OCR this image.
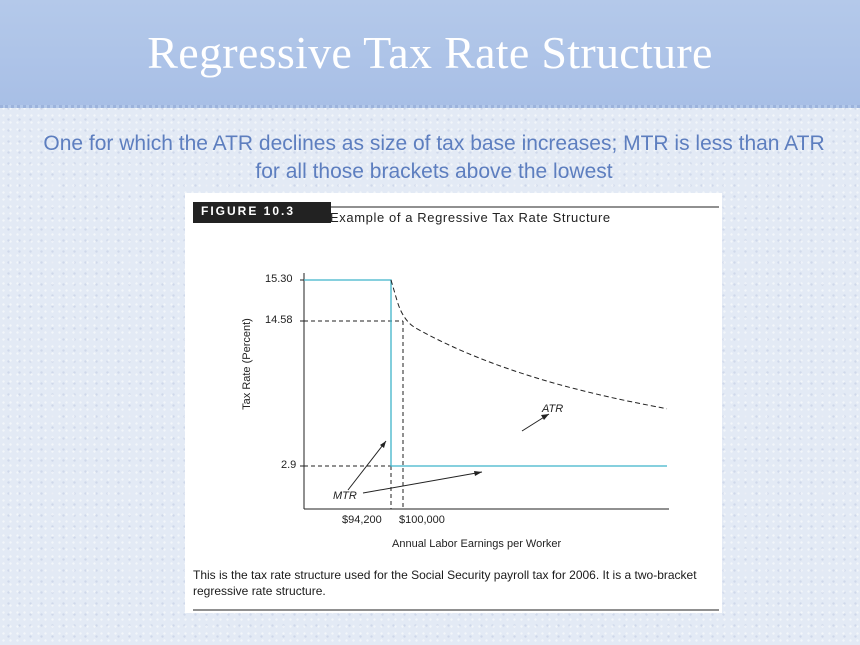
Regressive Tax Rate Structure
One for which the ATR declines as size of tax base increases; MTR is less than ATR for all those brackets above the lowest
FIGURE 10.3	Example of a Regressive Tax Rate Structure
15.30
14.58
2.9
$94,200 $100,000
ATR
MTR
Tax Rate (Percent)
Annual Labor Earnings per Worker
This is the tax rate structure used for the Social Security payroll tax for 2006. It is a two-bracket regressive rate structure.
